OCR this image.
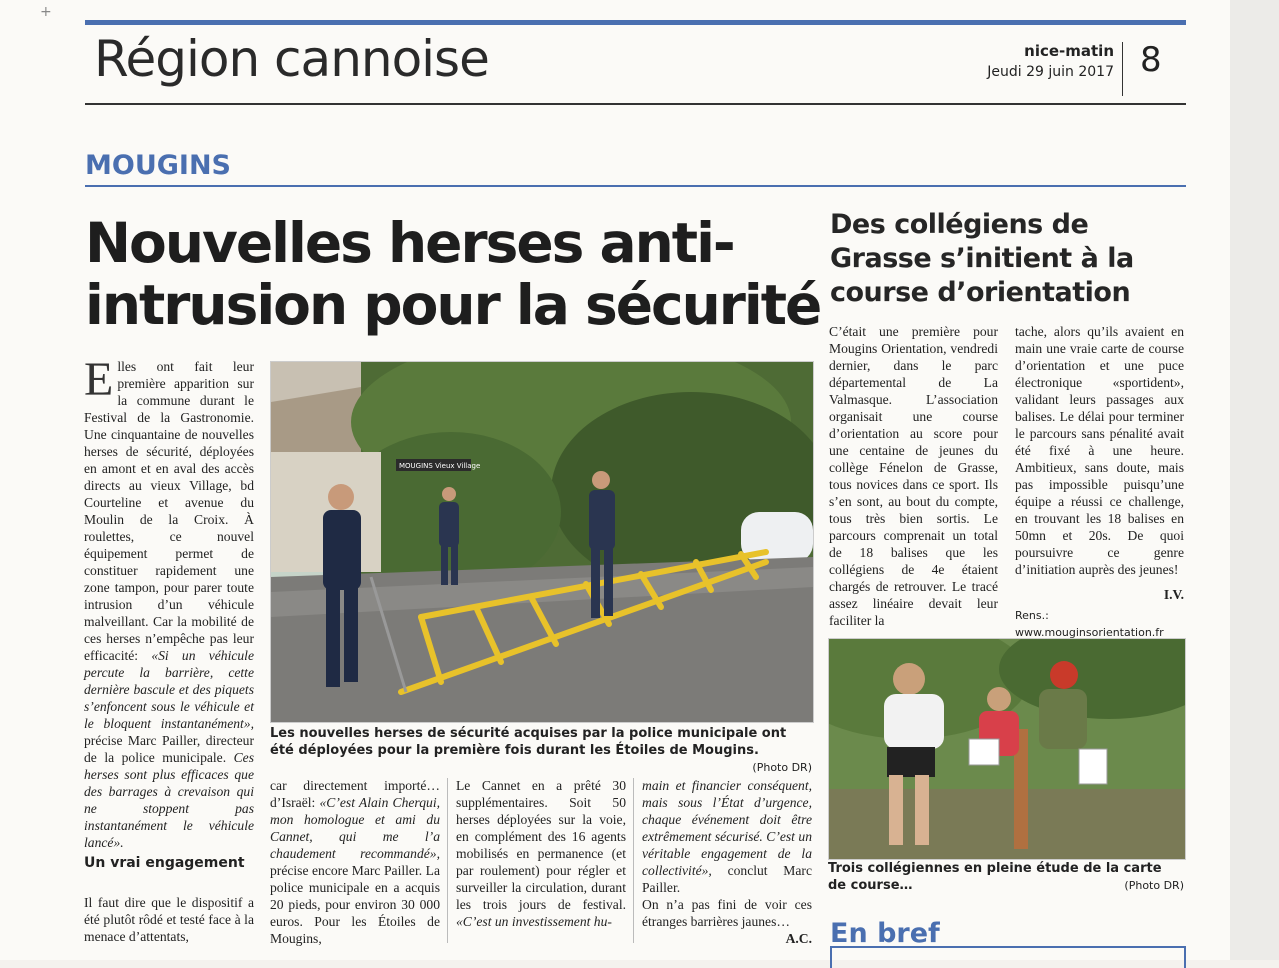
+
Région cannoise	nice-matin
Jeudi 29 juin 2017 8
MOUGINS
Nouvelles herses anti-intrusion pour la sécurité
Elles ont fait leur première apparition sur la commune durant le Festival de la Gastronomie. Une cinquantaine de nouvelles herses de sécurité, déployées en amont et en aval des accès directs au vieux Village, bd Courteline et avenue du Moulin de la Croix. À roulettes, ce nouvel équipement permet de constituer rapidement une zone tampon, pour parer toute intrusion d’un véhicule malveillant. Car la mobilité de ces herses n’empêche pas leur efficacité: «Si un véhicule percute la barrière, cette dernière bascule et des piquets s’enfoncent sous le véhicule et le bloquent instantanément», précise Marc Pailler, directeur de la police municipale. Ces herses sont plus efficaces que des barrages à crevaison qui ne stoppent pas instantanément le véhicule lancé».
Un vrai engagement
Il faut dire que le dispositif a été plutôt rôdé et testé face à la menace d’attentats,
MOUGINS Vieux Village
Les nouvelles herses de sécurité acquises par la police municipale ont été déployées pour la première fois durant les Étoiles de Mougins.
(Photo DR)
car directement importé…d’Israël: «C’est Alain Cherqui, mon homologue et ami du Cannet, qui me l’a chaudement recommandé», précise encore Marc Pailler. La police municipale en a acquis 20 pieds, pour environ 30 000 euros. Pour les Étoiles de Mougins,
Le Cannet en a prêté 30 supplémentaires. Soit 50 herses déployées sur la voie, en complément des 16 agents mobilisés en permanence (et par roulement) pour régler et surveiller la circulation, durant les trois jours de festival. «C’est un investissement hu-
main et financier conséquent, mais sous l’État d’urgence, chaque événement doit être extrêmement sécurisé. C’est un véritable engagement de la collectivité», conclut Marc Pailler.
On n’a pas fini de voir ces étranges barrières jaunes…
A.C.
Des collégiens de Grasse s’initient à la course d’orientation
C’était une première pour Mougins Orientation, vendredi dernier, dans le parc départemental de La Valmasque. L’association organisait une course d’orientation au score pour une centaine de jeunes du collège Fénelon de Grasse, tous novices dans ce sport. Ils s’en sont, au bout du compte, tous très bien sortis. Le parcours comprenait un total de 18 balises que les collégiens de 4e étaient chargés de retrouver. Le tracé assez linéaire devait leur faciliter la
tache, alors qu’ils avaient en main une vraie carte de course d’orientation et une puce électronique «sportident», validant leurs passages aux balises. Le délai pour terminer le parcours sans pénalité avait été fixé à une heure. Ambitieux, sans doute, mais pas impossible puisqu’une équipe a réussi ce challenge, en trouvant les 18 balises en 50mn et 20s. De quoi poursuivre ce genre d’initiation auprès des jeunes!
I.V.
Rens.: www.mouginsorientation.fr
Trois collégiennes en pleine étude de la carte de course…	(Photo DR)
En bref
